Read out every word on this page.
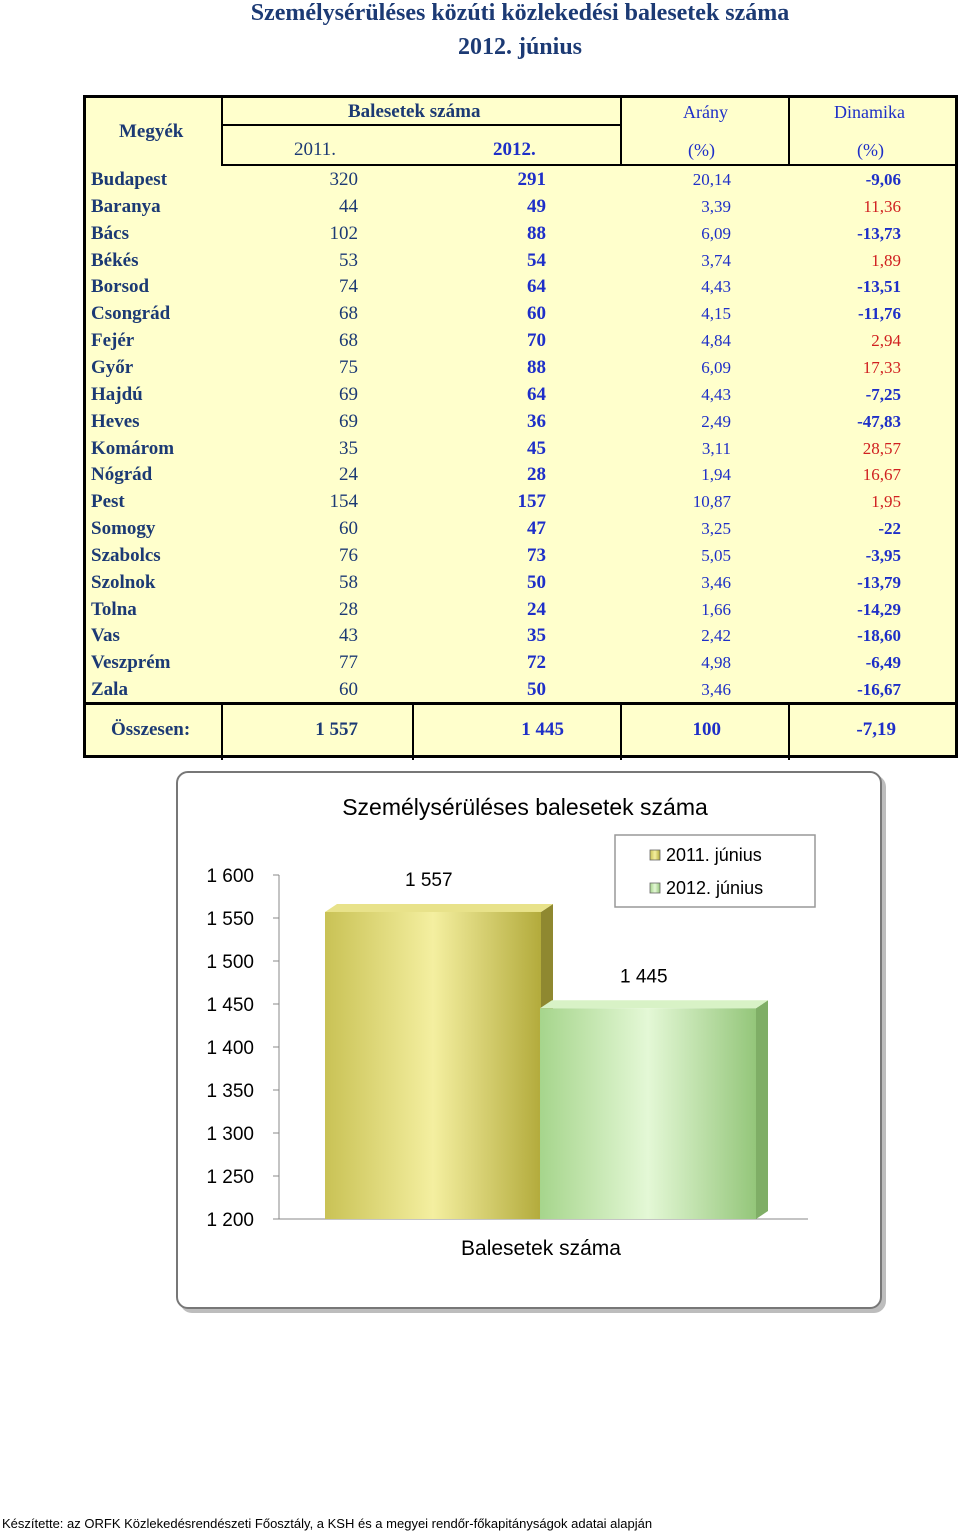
Személysérüléses közúti közlekedési balesetek száma
2012. június
Megyék
Balesetek száma
2011.	2012.
Arány
(%)
Dinamika
(%)
Budapest	320	291	20,14	-9,06
Baranya	44	49	3,39	11,36
Bács	102	88	6,09	-13,73
Békés	53	54	3,74	1,89
Borsod	74	64	4,43	-13,51
Csongrád	68	60	4,15	-11,76
Fejér	68	70	4,84	2,94
Győr	75	88	6,09	17,33
Hajdú	69	64	4,43	-7,25
Heves	69	36	2,49	-47,83
Komárom	35	45	3,11	28,57
Nógrád	24	28	1,94	16,67
Pest	154	157	10,87	1,95
Somogy	60	47	3,25	-22
Szabolcs	76	73	5,05	-3,95
Szolnok	58	50	3,46	-13,79
Tolna	28	24	1,66	-14,29
Vas	43	35	2,42	-18,60
Veszprém	77	72	4,98	-6,49
Zala	60	50	3,46	-16,67
Összesen:	1 557	1 445	100	-7,19
Személysérüléses balesetek száma
1 600
1 550
1 500
1 450
1 400
1 350
1 300
1 250
1 200
1 557
1 445
Balesetek száma
2011. június
2012. június
Készítette: az ORFK Közlekedésrendészeti Főosztály, a KSH és a megyei rendőr-főkapitányságok adatai alapján
